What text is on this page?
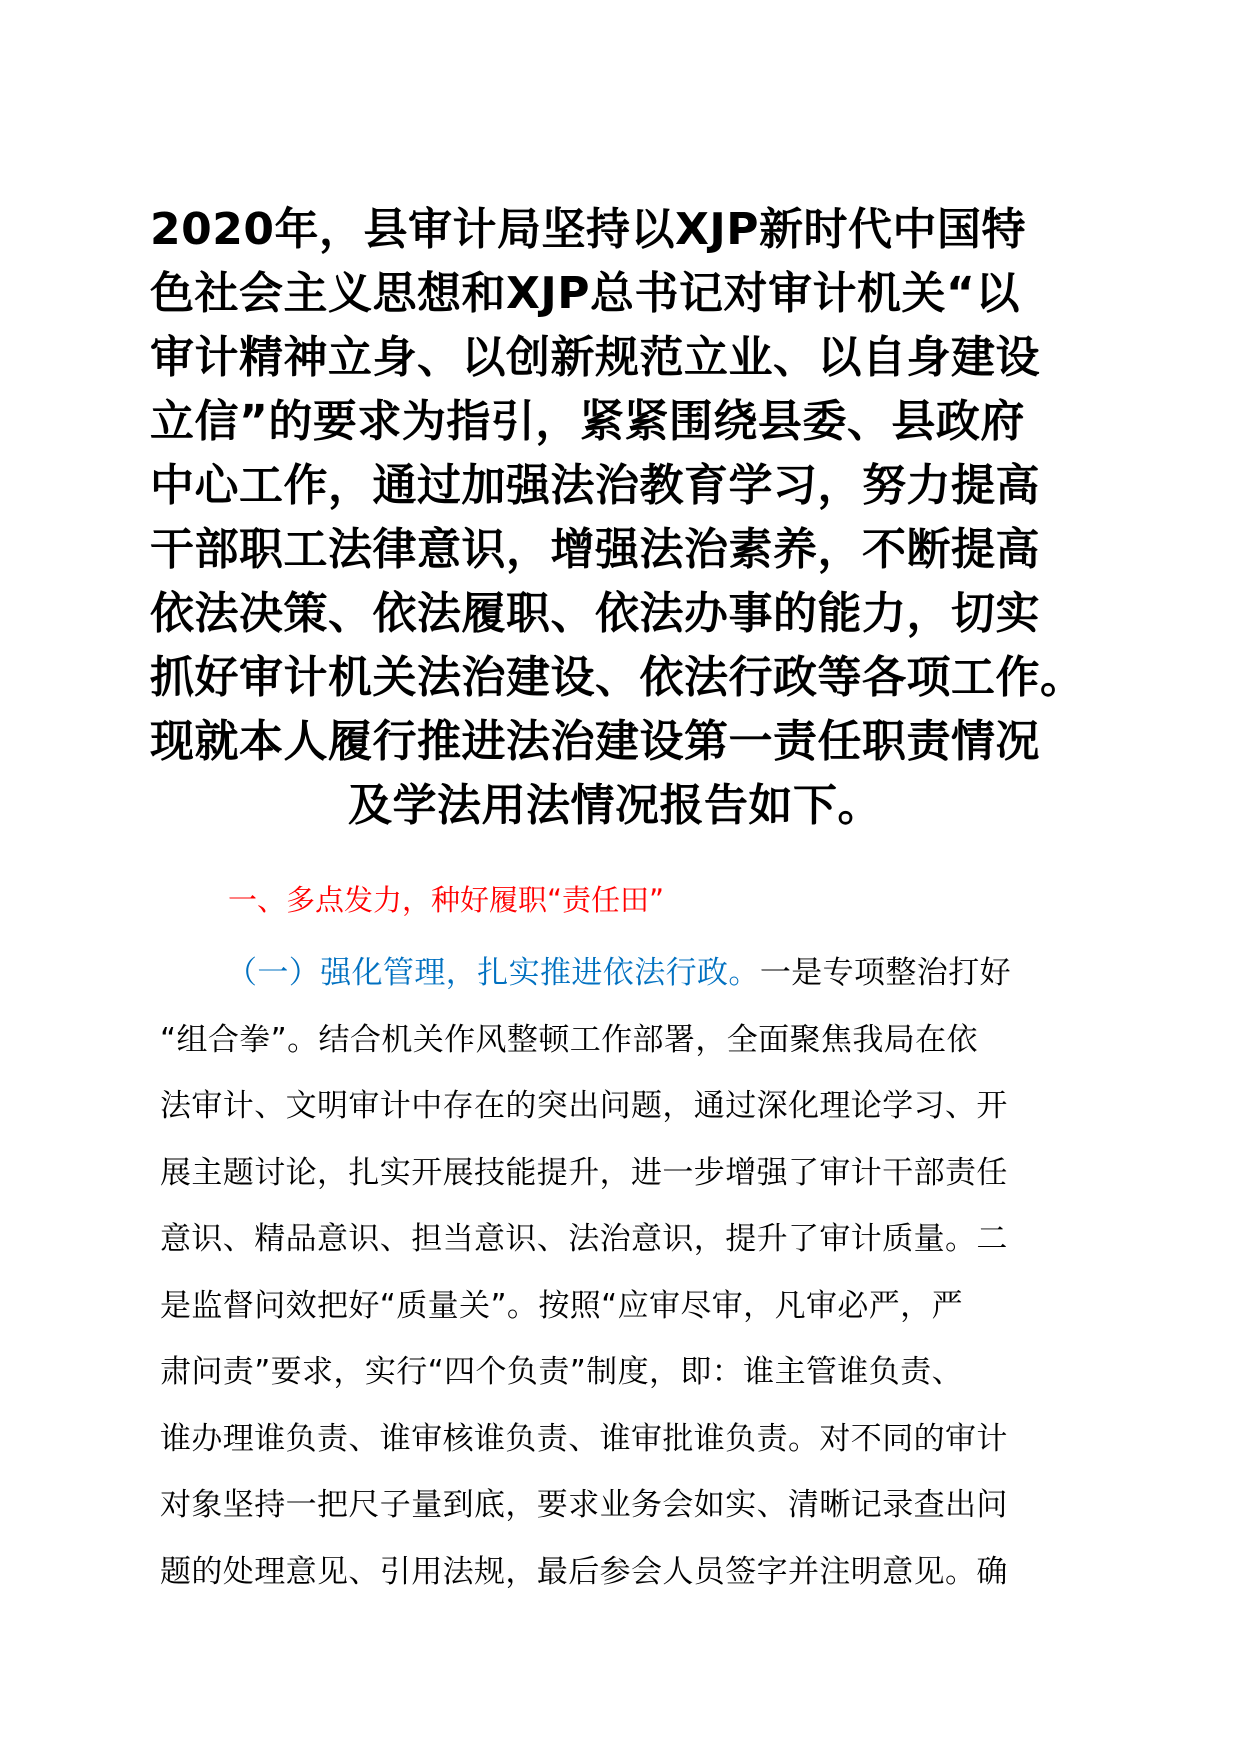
2020年，县审计局坚持以XJP新时代中国特
色社会主义思想和XJP总书记对审计机关“以
审计精神立身、以创新规范立业、以自身建设
立信”的要求为指引，紧紧围绕县委、县政府
中心工作，通过加强法治教育学习，努力提高
干部职工法律意识，增强法治素养，不断提高
依法决策、依法履职、依法办事的能力，切实
抓好审计机关法治建设、依法行政等各项工作。
现就本人履行推进法治建设第一责任职责情况
及学法用法情况报告如下。
一、多点发力，种好履职“责任田”
（一）强化管理，扎实推进依法行政。一是专项整治打好
“组合拳”。结合机关作风整顿工作部署，全面聚焦我局在依
法审计、文明审计中存在的突出问题，通过深化理论学习、开
展主题讨论，扎实开展技能提升，进一步增强了审计干部责任
意识、精品意识、担当意识、法治意识，提升了审计质量。二
是监督问效把好“质量关”。按照“应审尽审，凡审必严，严
肃问责”要求，实行“四个负责”制度，即：谁主管谁负责、
谁办理谁负责、谁审核谁负责、谁审批谁负责。对不同的审计
对象坚持一把尺子量到底，要求业务会如实、清晰记录查出问
题的处理意见、引用法规，最后参会人员签字并注明意见。确
